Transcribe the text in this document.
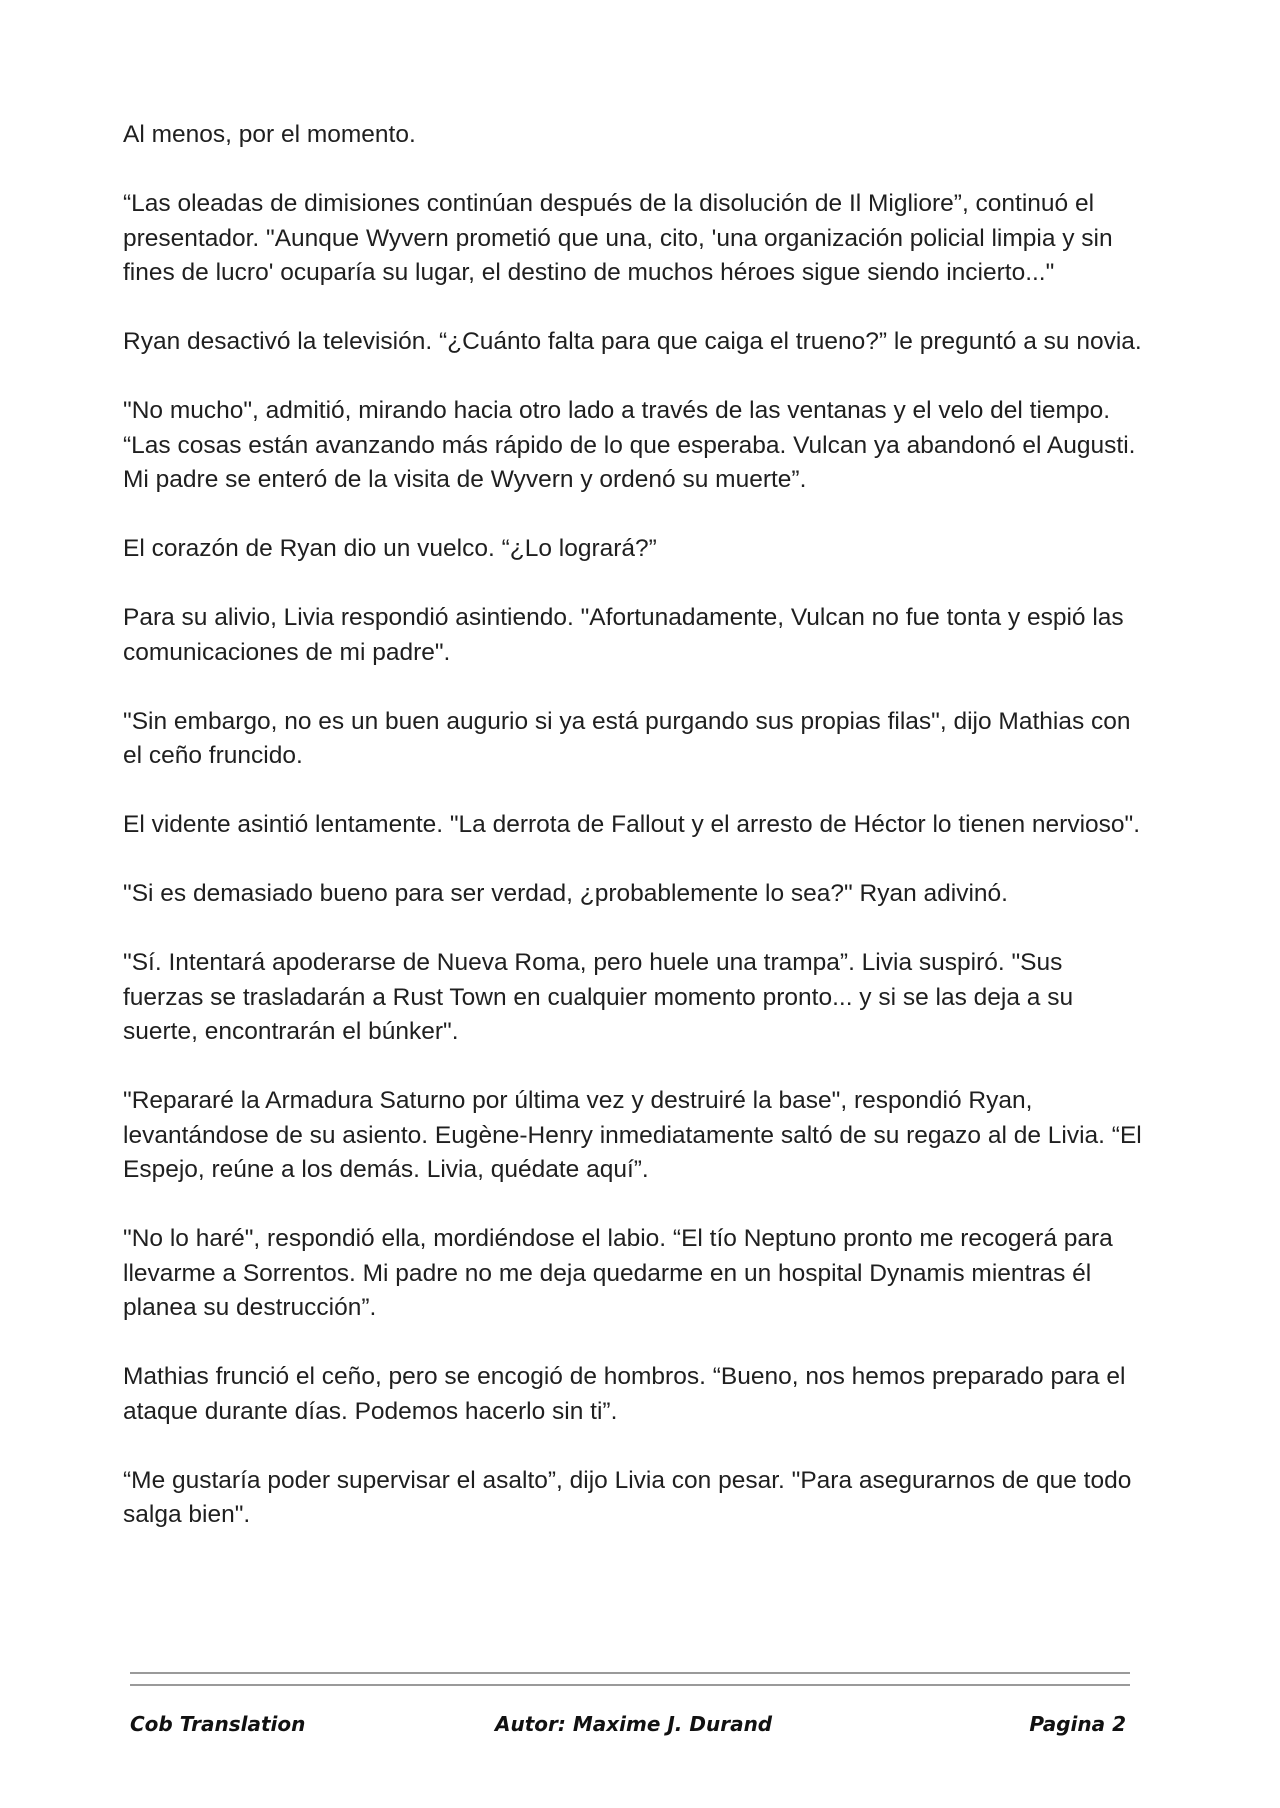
Al menos, por el momento.

“Las oleadas de dimisiones continúan después de la disolución de Il Migliore”, continuó el presentador. "Aunque Wyvern prometió que una, cito, 'una organización policial limpia y sin fines de lucro' ocuparía su lugar, el destino de muchos héroes sigue siendo incierto..."

Ryan desactivó la televisión. “¿Cuánto falta para que caiga el trueno?” le preguntó a su novia.

"No mucho", admitió, mirando hacia otro lado a través de las ventanas y el velo del tiempo. “Las cosas están avanzando más rápido de lo que esperaba. Vulcan ya abandonó el Augusti. Mi padre se enteró de la visita de Wyvern y ordenó su muerte”.

El corazón de Ryan dio un vuelco. “¿Lo logrará?”

Para su alivio, Livia respondió asintiendo. "Afortunadamente, Vulcan no fue tonta y espió las comunicaciones de mi padre".

"Sin embargo, no es un buen augurio si ya está purgando sus propias filas", dijo Mathias con el ceño fruncido.

El vidente asintió lentamente. "La derrota de Fallout y el arresto de Héctor lo tienen nervioso".

"Si es demasiado bueno para ser verdad, ¿probablemente lo sea?" Ryan adivinó.

"Sí. Intentará apoderarse de Nueva Roma, pero huele una trampa”. Livia suspiró. "Sus fuerzas se trasladarán a Rust Town en cualquier momento pronto... y si se las deja a su suerte, encontrarán el búnker".

"Repararé la Armadura Saturno por última vez y destruiré la base", respondió Ryan, levantándose de su asiento. Eugène-Henry inmediatamente saltó de su regazo al de Livia. “El Espejo, reúne a los demás. Livia, quédate aquí”.

"No lo haré", respondió ella, mordiéndose el labio. “El tío Neptuno pronto me recogerá para llevarme a Sorrentos. Mi padre no me deja quedarme en un hospital Dynamis mientras él planea su destrucción”.

Mathias frunció el ceño, pero se encogió de hombros. “Bueno, nos hemos preparado para el ataque durante días. Podemos hacerlo sin ti”.

“Me gustaría poder supervisar el asalto”, dijo Livia con pesar. "Para asegurarnos de que todo salga bien".

Cob Translation	Autor: Maxime J. Durand	Pagina 2
